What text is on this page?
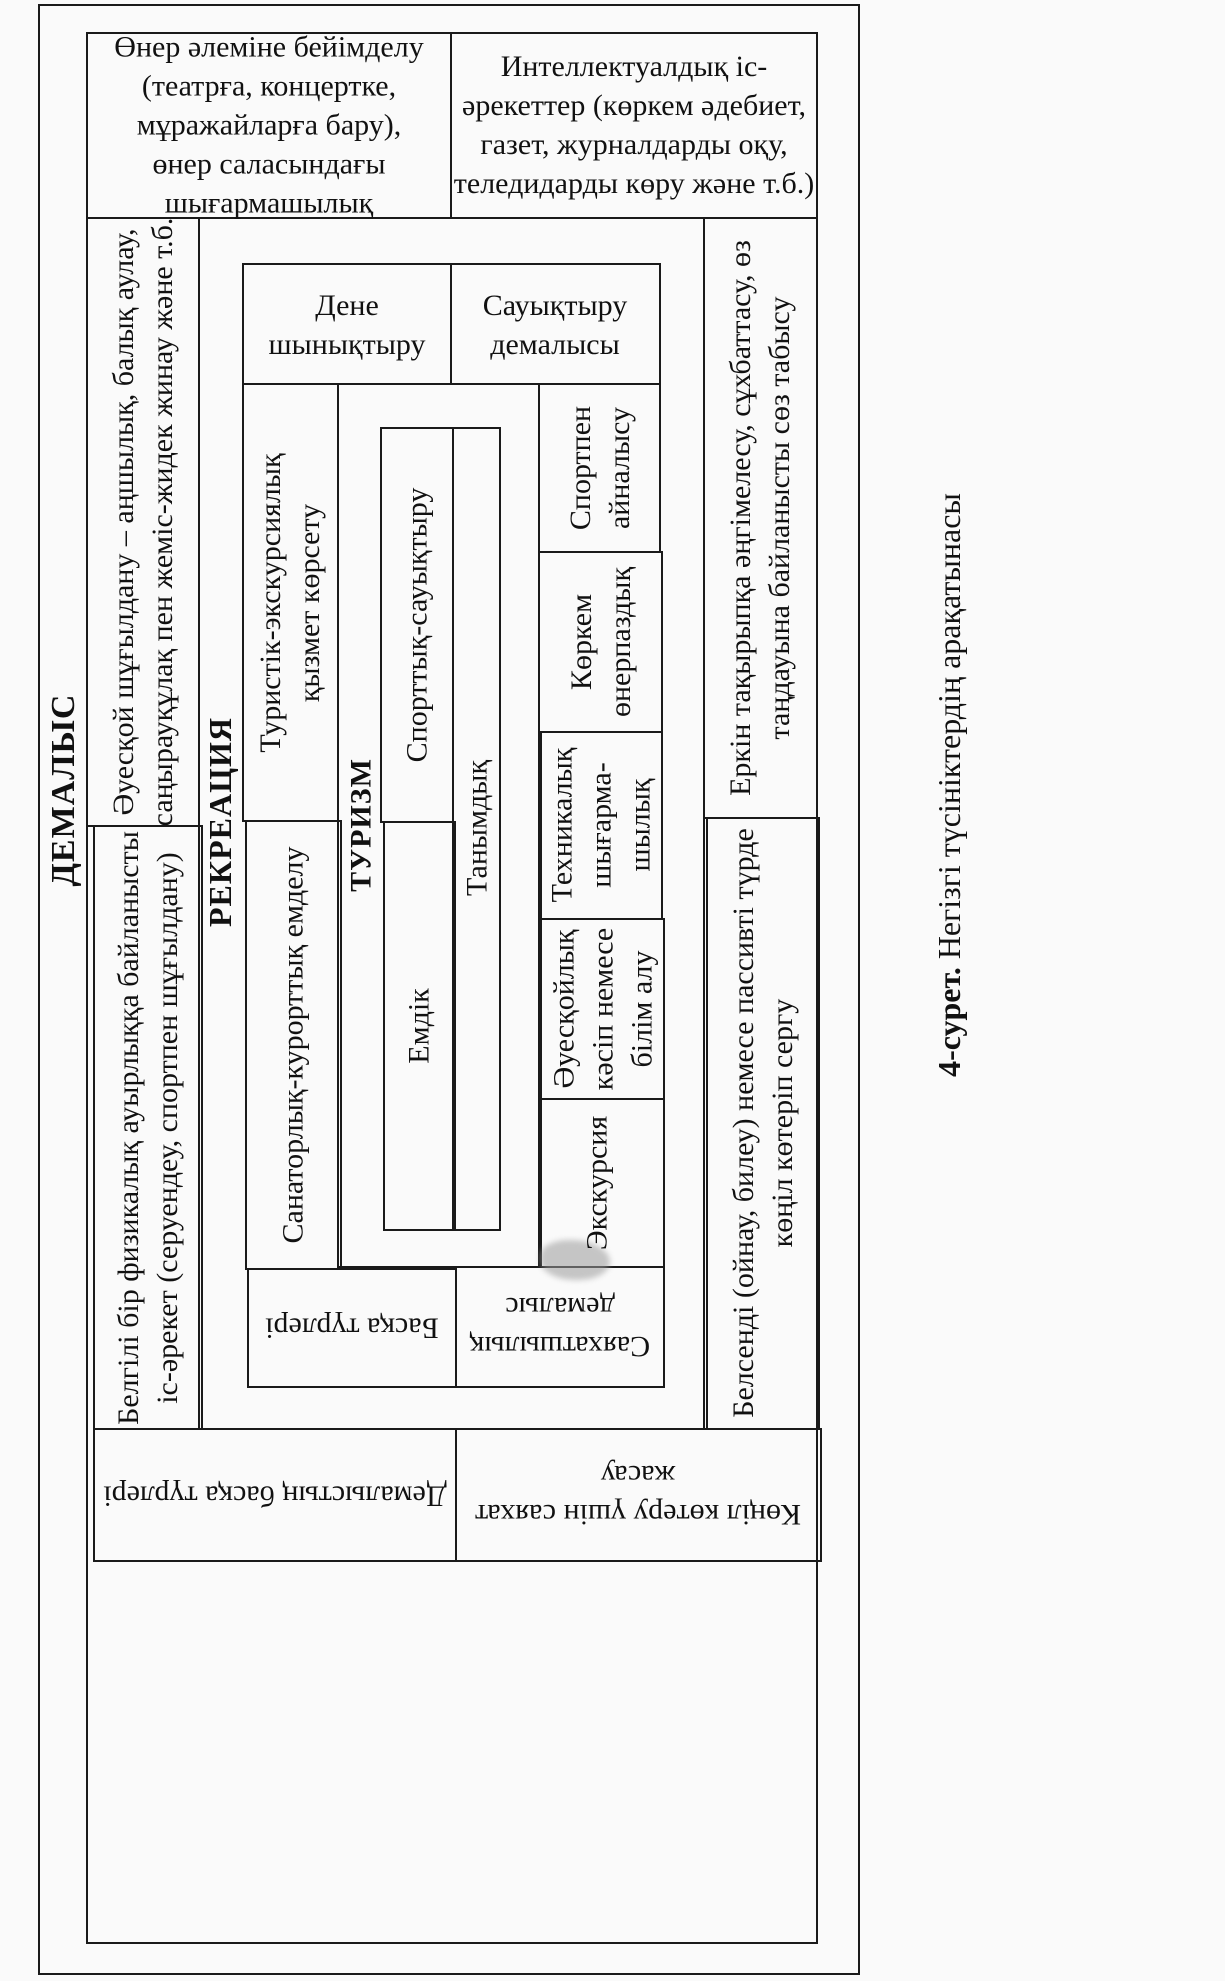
Өнер әлеміне бейімделу
(театрға, концертке,
мұражайларға бару),
өнер саласындағы
шығармашылық
Интеллектуалдық іс-
әрекеттер (көркем әдебиет,
газет, журналдарды оқу,
теледидарды көру және т.б.)
ДЕМАЛЫС Әуесқой шұғылдану – аңшылық, балық аулау, саңырауқұлақ пен жеміс-жидек жинау және т.б.
Белгілі бір физикалық ауырлыққа байланысты іс-әрекет (серуендеу, спортпен шұғылдану)
Еркін тақырыпқа әңгімелесу, сұхбаттасу, өз таңдауына байланысты сөз табысу
Белсенді (ойнау, билеу) немесе пассивті түрде көңіл көтеріп сергу
Демалыстың басқа түрлері
Көңіл көтеру үшін саяхат
жасау
РЕКРЕАЦИЯ
Дене
шынықтыру
Сауықтыру
демалысы
Туристік-экскурсиялық қызмет көрсету
Санаторлық-курорттық емделу
Басқа түрлері
Саяхатшылық
демалыс
ТУРИЗМ
Спорттық-сауықтыру
Емдік
Танымдық
Спортпен айналысу
Көркем өнерпаздық
Техникалық шығарма- шылық
Әуесқойлық кәсіп немесе білім алу
Экскурсия
4-сурет. Негізгі түсініктердің арақатынасы
